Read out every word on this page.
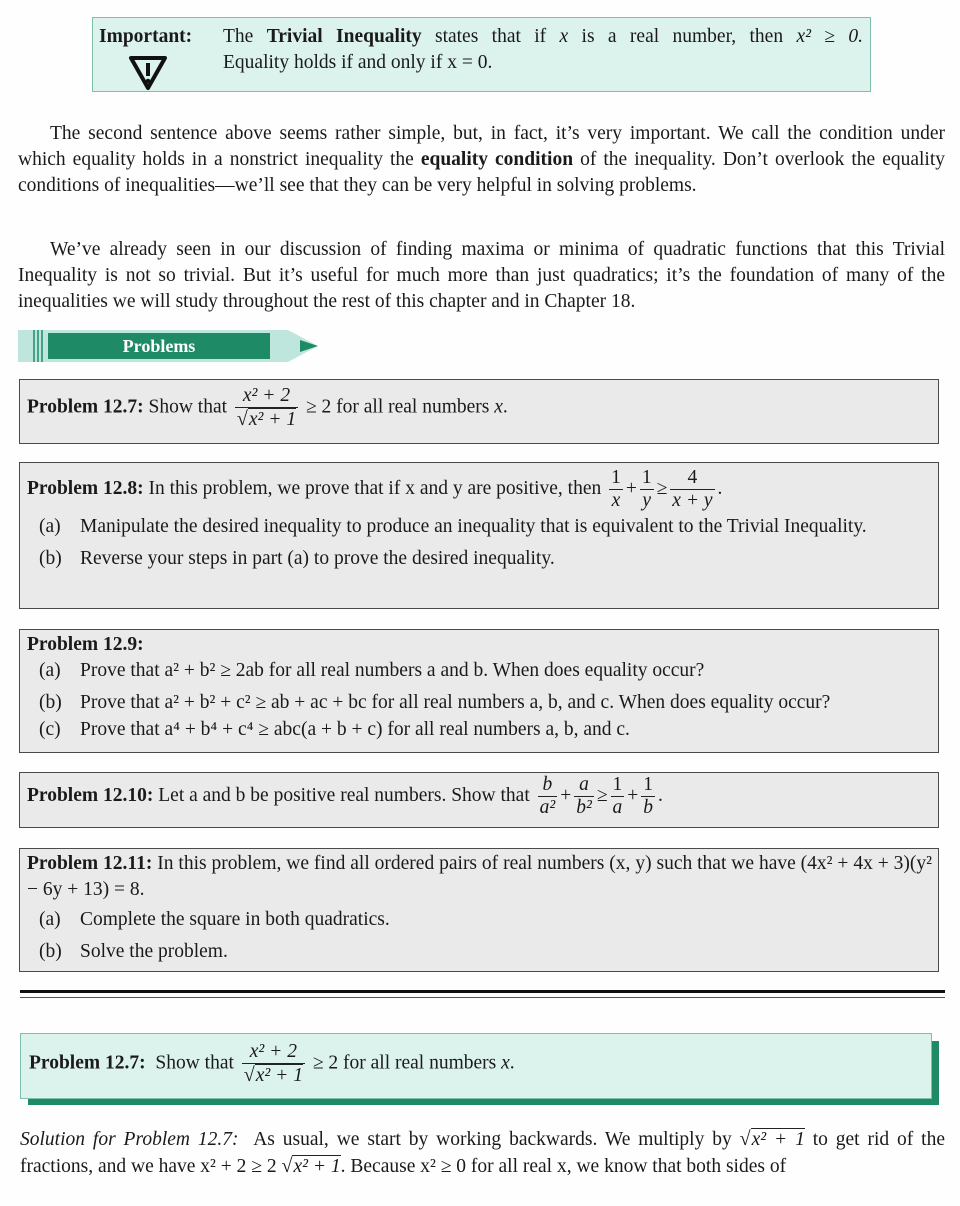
Important: The Trivial Inequality states that if x is a real number, then x² ≥ 0.
Equality holds if and only if x = 0.
The second sentence above seems rather simple, but, in fact, it’s very important. We call the condition under which equality holds in a nonstrict inequality the equality condition of the inequality. Don’t overlook the equality conditions of inequalities—we’ll see that they can be very helpful in solving problems.
We’ve already seen in our discussion of finding maxima or minima of quadratic functions that this Trivial Inequality is not so trivial. But it’s useful for much more than just quadratics; it’s the foundation of many of the inequalities we will study throughout the rest of this chapter and in Chapter 18.
Problems
Problem 12.7: Show that $\frac{\text{x² + 2}}{\text{√x² + 1}} \ge 2$ for all real numbers x.
Problem 12.8: In this problem, we prove that if x and y are positive, then $\frac{1}{x} + \frac{1}{y} \ge \frac{4}{x + y}$ .
(a) Manipulate the desired inequality to produce an inequality that is equivalent to the Trivial Inequality.
(b) Reverse your steps in part (a) to prove the desired inequality.
Problem 12.9:
(a) Prove that a² + b² ≥ 2ab for all real numbers a and b. When does equality occur?
(b) Prove that a² + b² + c² ≥ ab + ac + bc for all real numbers a, b, and c. When does equality occur?
(c) Prove that a⁴ + b⁴ + c⁴ ≥ abc(a + b + c) for all real numbers a, b, and c.
Problem 12.10: Let a and b be positive real numbers. Show that $\frac{b}{\text{a²}} + \frac{a}{\text{b²}} \ge \frac{1}{a} + \frac{1}{b}$ .
Problem 12.11: In this problem, we find all ordered pairs of real numbers (x, y) such that we have (4x² + 4x + 3)(y² − 6y + 13) = 8.
(a) Complete the square in both quadratics.
(b) Solve the problem.
Problem 12.7:  Show that $\frac{\text{x² + 2}}{\text{√x² + 1}} \ge 2$ for all real numbers x.
Solution for Problem 12.7:  As usual, we start by working backwards. We multiply by √x² + 1 to get rid of the fractions, and we have x² + 2 ≥ 2 √x² + 1. Because x² ≥ 0 for all real x, we know that both sides of
